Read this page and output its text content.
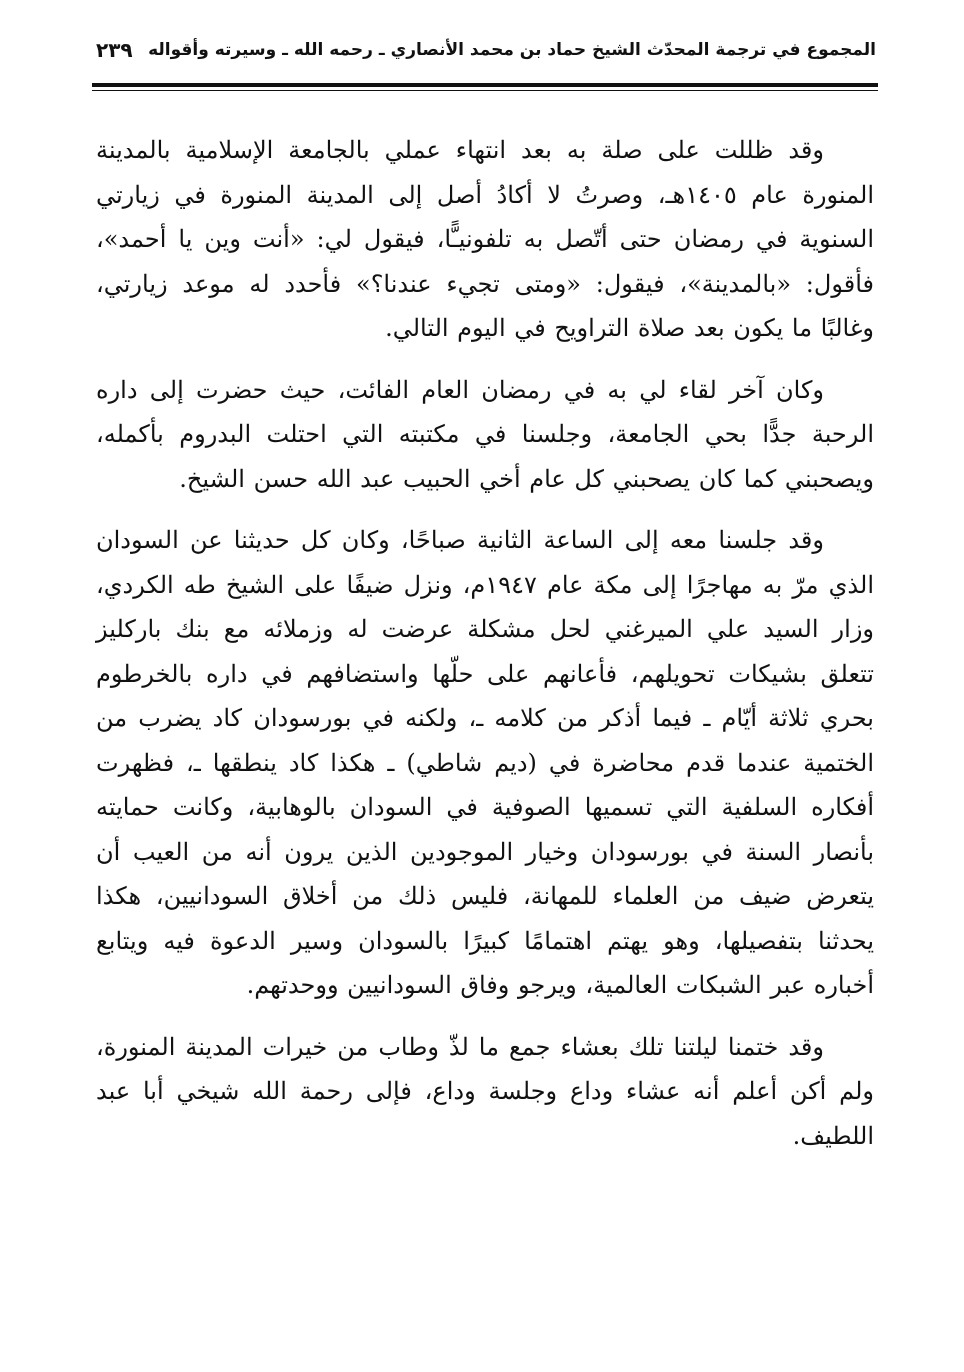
المجموع في ترجمة المحدّث الشيخ حماد بن محمد الأنصاري ـ رحمه الله ـ وسيرته وأقواله
٢٣٩

وقد ظللت على صلة به بعد انتهاء عملي بالجامعة الإسلامية بالمدينة المنورة عام ١٤٠٥هـ، وصرتُ لا أكادُ أصل إلى المدينة المنورة في زيارتي السنوية في رمضان حتى أتّصل به تلفونيـًّا، فيقول لي: «أنت وين يا أحمد»، فأقول: «بالمدينة»، فيقول: «ومتى تجيء عندنا؟» فأحدد له موعد زيارتي، وغالبًا ما يكون بعد صلاة التراويح في اليوم التالي.

وكان آخر لقاء لي به في رمضان العام الفائت، حيث حضرت إلى داره الرحبة جدًّا بحي الجامعة، وجلسنا في مكتبته التي احتلت البدروم بأكمله، ويصحبني كما كان يصحبني كل عام أخي الحبيب عبد الله حسن الشيخ.

وقد جلسنا معه إلى الساعة الثانية صباحًا، وكان كل حديثنا عن السودان الذي مرّ به مهاجرًا إلى مكة عام ١٩٤٧م، ونزل ضيفًا على الشيخ طه الكردي، وزار السيد علي الميرغني لحل مشكلة عرضت له وزملائه مع بنك باركليز تتعلق بشيكات تحويلهم، فأعانهم على حلّها واستضافهم في داره بالخرطوم بحري ثلاثة أيّام ـ فيما أذكر من كلامه ـ، ولكنه في بورسودان كاد يضرب من الختمية عندما قدم محاضرة في (ديم شاطي) ـ هكذا كاد ينطقها ـ، فظهرت أفكاره السلفية التي تسميها الصوفية في السودان بالوهابية، وكانت حمايته بأنصار السنة في بورسودان وخيار الموجودين الذين يرون أنه من العيب أن يتعرض ضيف من العلماء للمهانة، فليس ذلك من أخلاق السودانيين، هكذا يحدثنا بتفصيلها، وهو يهتم اهتمامًا كبيرًا بالسودان وسير الدعوة فيه ويتابع أخباره عبر الشبكات العالمية، ويرجو وفاق السودانيين ووحدتهم.

وقد ختمنا ليلتنا تلك بعشاء جمع ما لذّ وطاب من خيرات المدينة المنورة، ولم أكن أعلم أنه عشاء وداع وجلسة وداع، فإلى رحمة الله شيخي أبا عبد اللطيف.
